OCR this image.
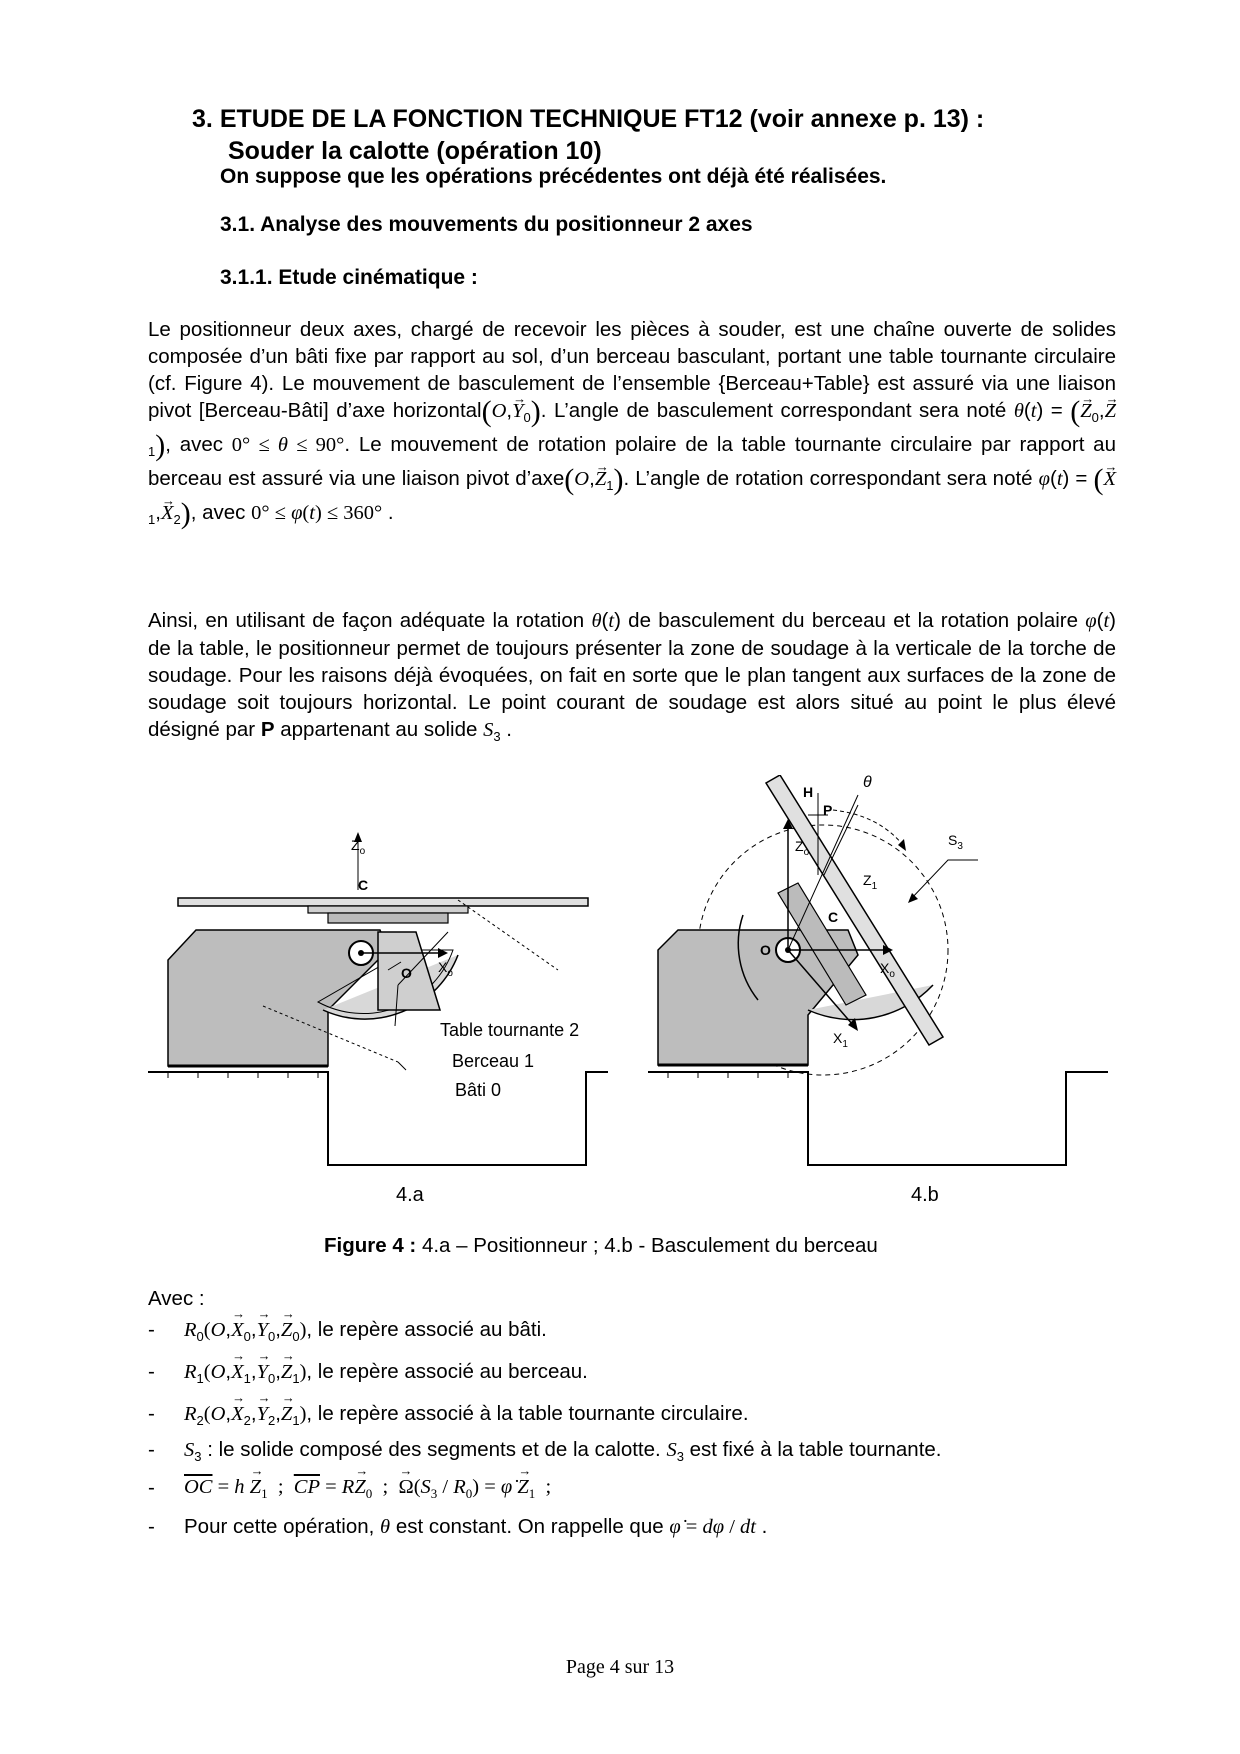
3. ETUDE DE LA FONCTION TECHNIQUE FT12 (voir annexe p. 13) :
Souder la calotte (opération 10)
On suppose que les opérations précédentes ont déjà été réalisées.
3.1. Analyse des mouvements du positionneur 2 axes
3.1.1. Etude cinématique :
Le positionneur deux axes, chargé de recevoir les pièces à souder, est une chaîne ouverte de solides composée d’un bâti fixe par rapport au sol, d’un berceau basculant, portant une table tournante circulaire (cf. Figure 4). Le mouvement de basculement de l’ensemble {Berceau+Table} est assuré via une liaison pivot [Berceau-Bâti] d’axe horizontal(O,→ $Y_0$). L’angle de basculement correspondant sera noté θ(t) = (→ $Z_0,\to Z_1$), avec 0° ≤ θ ≤ 90°. Le mouvement de rotation polaire de la table tournante circulaire par rapport au berceau est assuré via une liaison pivot d’axe(O,→ $Z_1$). L’angle de rotation correspondant sera noté φ(t) = (→ $X_1,\to X_2$), avec 0° ≤ φ(t) ≤ 360° .
Ainsi, en utilisant de façon adéquate la rotation θ(t) de basculement du berceau et la rotation polaire φ(t) de la table, le positionneur permet de toujours présenter la zone de soudage à la verticale de la torche de soudage. Pour les raisons déjà évoquées, on fait en sorte que le plan tangent aux surfaces de la zone de soudage soit toujours horizontal. Le point courant de soudage est alors situé au point le plus élevé désigné par P appartenant au solide $S_3$ .
$Z_o$
C
O $X_o$
Table tournante 2
Berceau 1
Bâti 0
H
P
θ
$S_3$
$Z_o$
$Z_1$
C
O
$X_o$
$X_1$
4.a	4.b
Figure 4 : 4.a – Positionneur ; 4.b - Basculement du berceau
Avec :
- $R_0(O,\to X_0,\to Y_0,\to Z_0)$, le repère associé au bâti.
- $R_1(O,\to X_1,\to Y_0,\to Z_1)$, le repère associé au berceau.
- $R_2(O,\to X_2,\to Y_2,\to Z_1)$, le repère associé à la table tournante circulaire.
- $S_3$ : le solide composé des segments et de la calotte. $S_3$ est fixé à la table tournante.
- $\overline{OC} = h \to Z_1$  ;  $\overline{CP} = R\to Z_0$  ;  → $\Omega(S_3 / R_0)$ = φ̇ → $Z_1$  ;
- Pour cette opération, θ est constant. On rappelle que φ̇ = dφ / dt .
Page 4 sur 13
